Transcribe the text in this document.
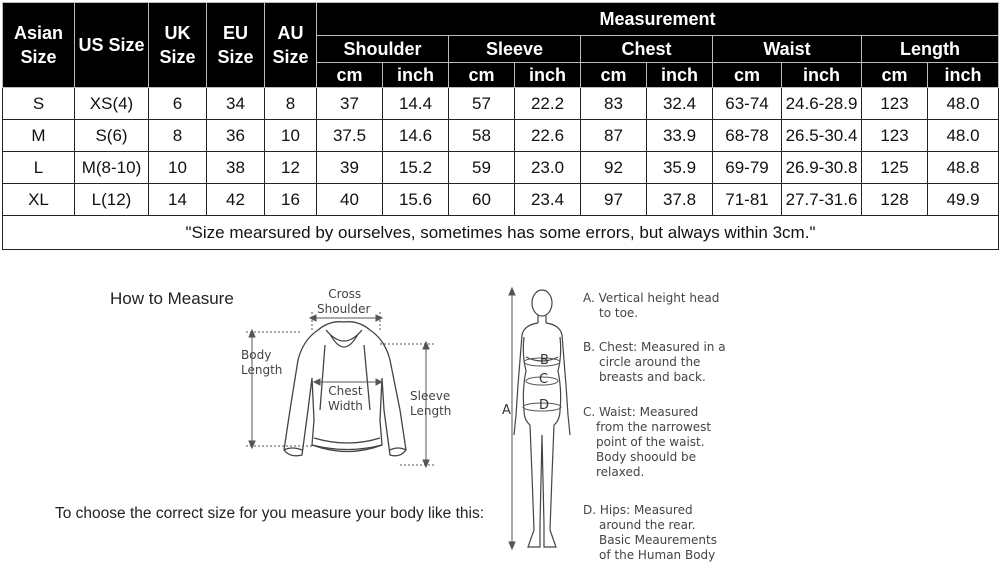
Asian Size	US Size	UK Size	EU Size	AU Size	Measurement									
					Shoulder		Sleeve		Chest		Waist		Length	
					cm	inch	cm	inch	cm	inch	cm	inch	cm	inch
S	XS(4)	6	34	8	37	14.4	57	22.2	83	32.4	63-74	24.6-28.9	123	48.0
M	S(6)	8	36	10	37.5	14.6	58	22.6	87	33.9	68-78	26.5-30.4	123	48.0
L	M(8-10)	10	38	12	39	15.2	59	23.0	92	35.9	69-79	26.9-30.8	125	48.8
XL	L(12)	14	42	16	40	15.6	60	23.4	97	37.8	71-81	27.7-31.6	128	49.9
"Size mearsured by ourselves, sometimes has some errors, but always within 3cm."														
How to Measure
To choose the correct size for you measure your body like this:
Cross
Shoulder
Body
Length
Chest
Width
Sleeve
Length
B
C
D
A
A. Vertical height head
to toe.
B. Chest: Measured in a
circle around the
breasts and back.
C. Waist: Measured
from the narrowest
point of the waist.
Body shoould be
relaxed.
D. Hips: Measured
around the rear.
Basic Meaurements
of the Human Body
